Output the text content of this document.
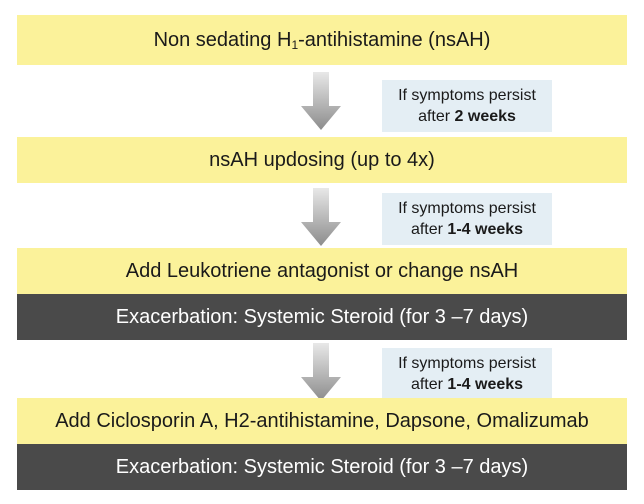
Non sedating $H_1$-antihistamine (nsAH)
If symptoms persist
after 2 weeks
nsAH updosing (up to 4x)
If symptoms persist
after 1-4 weeks
Add Leukotriene antagonist or change nsAH
Exacerbation: Systemic Steroid (for 3 –7 days)
If symptoms persist
after 1-4 weeks
Add Ciclosporin A, H2-antihistamine, Dapsone, Omalizumab
Exacerbation: Systemic Steroid (for 3 –7 days)
